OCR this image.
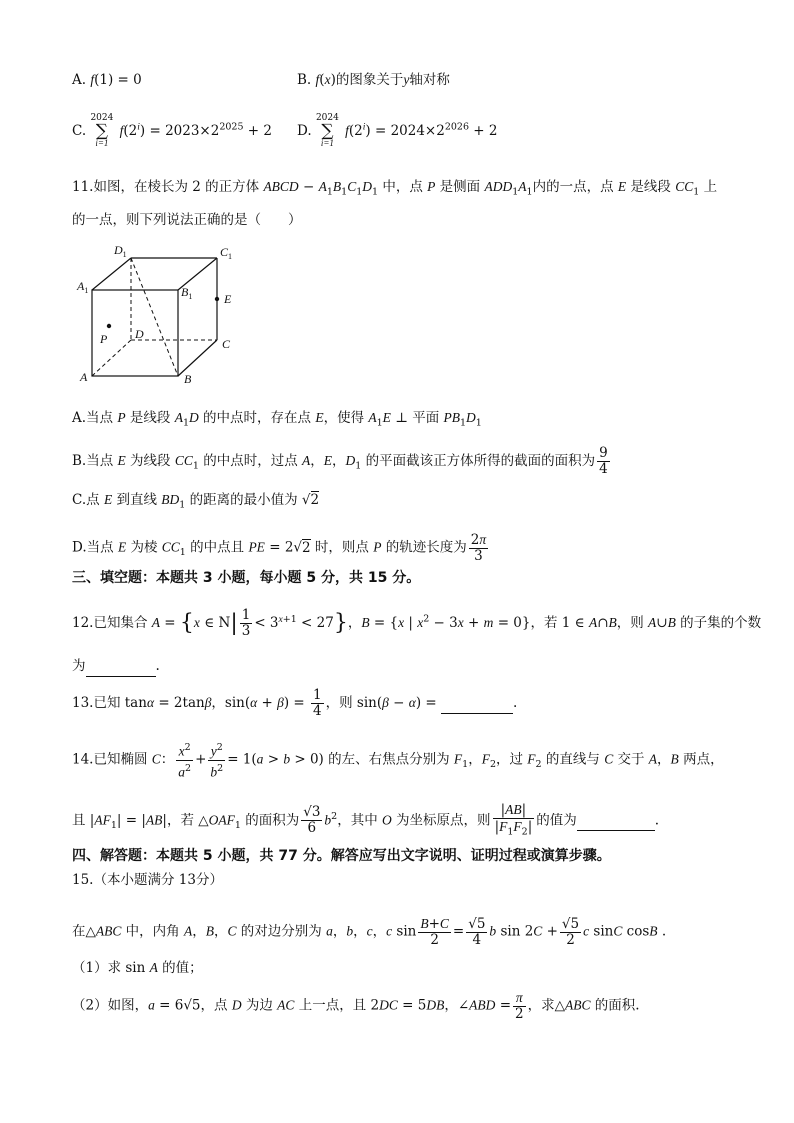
A. f(1) = 0	B. f(x)的图象关于y轴对称
C. 2024
∑
i=1 $f(2^i) = 2023\times 2^{2025} + 2$ D. 2024
∑
i=1 $f(2^i) = 2024\times 2^{2026} + 2$
11.如图，在棱长为 2 的正方体 ABCD − $A_1B_1C_1D_1$ 中，点 P 是侧面 $ADD_1A_1$内的一点，点 E 是线段 $CC_1$ 上
的一点，则下列说法正确的是（　　）
$D_1$	$C_1$
$A_1$	$B_1$	E
P D
C
A	B
A.当点 P 是线段 $A_1D$ 的中点时，存在点 E，使得 $A_1E$ ⊥ 平面 $PB_1D_1$
B.当点 E 为线段 $CC_1$ 的中点时，过点 A，E，$D_1$ 的平面截该正方体所得的截面的面积为 $\frac{9}{4}$
C.点 E 到直线 $BD_1$ 的距离的最小值为 √2
D.当点 E 为棱 $CC_1$ 的中点且 PE = 2√2 时，则点 P 的轨迹长度为 $\frac{2\pi}{3}$
三、填空题：本题共 3 小题，每小题 5 分，共 15 分。
12.已知集合 A = {x ∈ $N| \frac{1}{3} < 3^{x+1} < 27$}，B = {x | $x^2 - 3x + m = 0$}，若 1 ∈ A∩B，则 A∪B 的子集的个数
为	.
13.已知 tanα = 2tanβ，$\sin(\alpha + \beta) = \frac{1}{4}$ ，则 sin(β − α) =	.
14.已知椭圆 C： $\frac{x^2}{a^2} + \frac{y^2}{b^2} = 1(a > b > 0)$ 的左、右焦点分别为 $F_1$，$F_2$，过 $F_2$ 的直线与 C 交于 A，B 两点，
且 $|AF_1| = |AB|$，若 $\triangle OAF_1$ 的面积为 $\frac{√3}{6} b^2$，其中 O 为坐标原点，则 $\frac{|AB|}{|F_1F_2|}$ 的值为	.
四、解答题：本题共 5 小题，共 77 分。解答应写出文字说明、证明过程或演算步骤。
15.（本小题满分 13分）
在△ABC 中，内角 A，B，C 的对边分别为 a，b，c，c $\sin \frac{B+C}{2} = \frac{√5}{4}$ b $\sin 2C + \frac{√5}{2}$ c sinC cosB .
（1）求 sin A 的值；
（2）如图，a = 6√5，点 D 为边 AC 上一点，且 2DC = 5DB，∠ABD = $\frac{\pi}{2}$ ，求△ABC 的面积.
